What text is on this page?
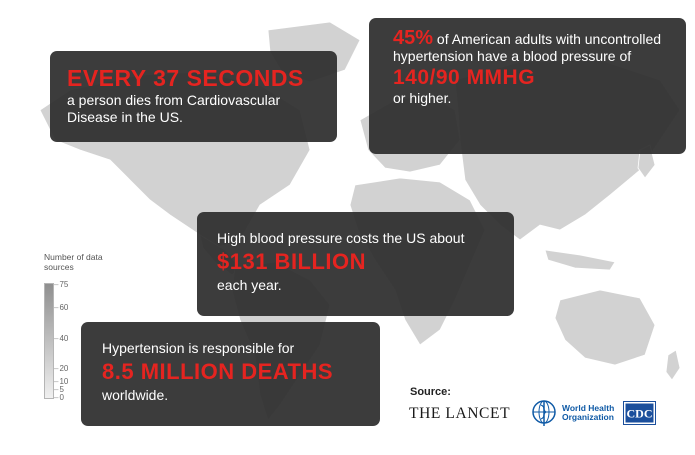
EVERY 37 SECONDS
a person dies from Cardiovascular Disease in the US.
45% of American adults with uncontrolled hypertension have a blood pressure of
140/90 MMHG
or higher.
High blood pressure costs the US about
$131 BILLION
each year.
Hypertension is responsible for
8.5 MILLION DEATHS
worldwide.
Number of data sources
– 75
– 60
– 40
– 20
– 10
– 5
– 0	Source:
THE LANCET	World Health
Organization CDC
